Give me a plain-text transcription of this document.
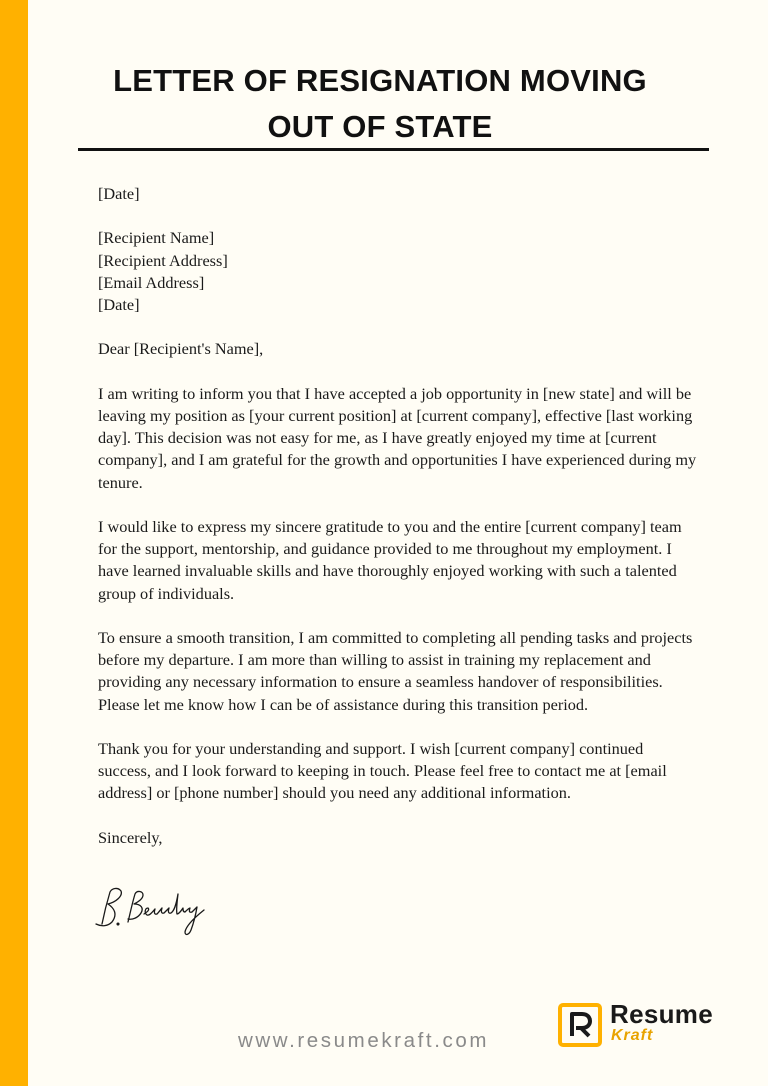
LETTER OF RESIGNATION MOVING
OUT OF STATE

[Date]

[Recipient Name]

[Recipient Address]

[Email Address]

[Date]

Dear [Recipient's Name],

I am writing to inform you that I have accepted a job opportunity in [new state] and will be leaving my position as [your current position] at [current company], effective [last working day]. This decision was not easy for me, as I have greatly enjoyed my time at [current company], and I am grateful for the growth and opportunities I have experienced during my tenure.

I would like to express my sincere gratitude to you and the entire [current company] team for the support, mentorship, and guidance provided to me throughout my employment. I have learned invaluable skills and have thoroughly enjoyed working with such a talented group of individuals.

To ensure a smooth transition, I am committed to completing all pending tasks and projects before my departure. I am more than willing to assist in training my replacement and providing any necessary information to ensure a seamless handover of responsibilities. Please let me know how I can be of assistance during this transition period.

Thank you for your understanding and support. I wish [current company] continued success, and I look forward to keeping in touch. Please feel free to contact me at [email address] or [phone number] should you need any additional information.

Sincerely,

www.resumekraft.com
Resume
Kraft
